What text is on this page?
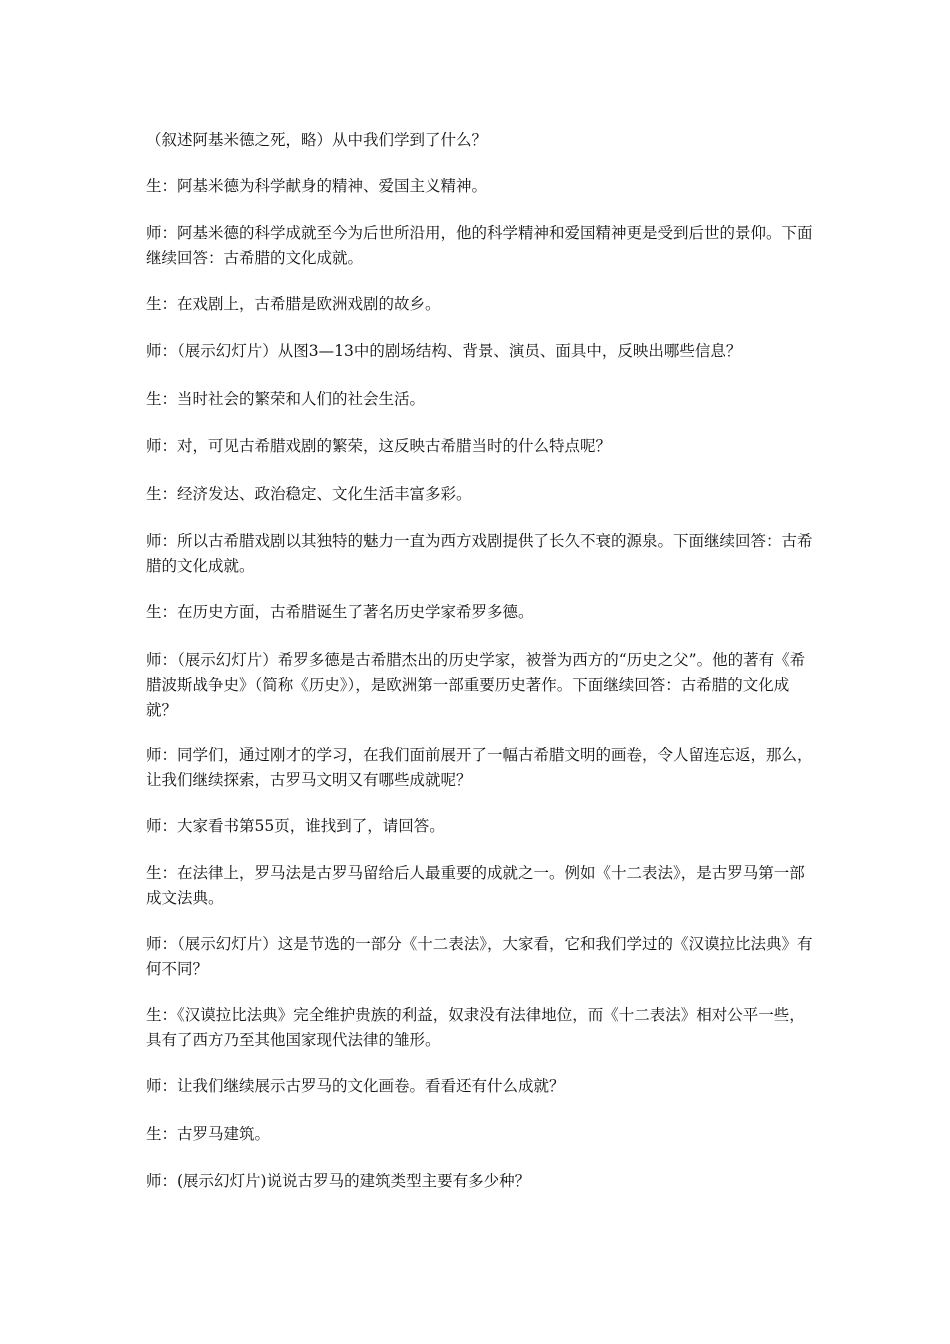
（叙述阿基米德之死，略）从中我们学到了什么？

生：阿基米德为科学献身的精神、爱国主义精神。

师：阿基米德的科学成就至今为后世所沿用，他的科学精神和爱国精神更是受到后世的景仰。下面继续回答：古希腊的文化成就。

生：在戏剧上，古希腊是欧洲戏剧的故乡。

师：（展示幻灯片）从图3—13中的剧场结构、背景、演员、面具中，反映出哪些信息？

生：当时社会的繁荣和人们的社会生活。

师：对，可见古希腊戏剧的繁荣，这反映古希腊当时的什么特点呢？

生：经济发达、政治稳定、文化生活丰富多彩。

师：所以古希腊戏剧以其独特的魅力一直为西方戏剧提供了长久不衰的源泉。下面继续回答：古希腊的文化成就。

生：在历史方面，古希腊诞生了著名历史学家希罗多德。

师：（展示幻灯片）希罗多德是古希腊杰出的历史学家，被誉为西方的“历史之父”。他的著有《希腊波斯战争史》（简称《历史》），是欧洲第一部重要历史著作。下面继续回答：古希腊的文化成就？

师：同学们，通过刚才的学习，在我们面前展开了一幅古希腊文明的画卷，令人留连忘返，那么，让我们继续探索，古罗马文明又有哪些成就呢？

师：大家看书第55页，谁找到了，请回答。

生：在法律上，罗马法是古罗马留给后人最重要的成就之一。例如《十二表法》，是古罗马第一部成文法典。

师：（展示幻灯片）这是节选的一部分《十二表法》，大家看，它和我们学过的《汉谟拉比法典》有何不同？

生：《汉谟拉比法典》完全维护贵族的利益，奴隶没有法律地位，而《十二表法》相对公平一些，具有了西方乃至其他国家现代法律的雏形。

师：让我们继续展示古罗马的文化画卷。看看还有什么成就？

生：古罗马建筑。

师：(展示幻灯片)说说古罗马的建筑类型主要有多少种？
